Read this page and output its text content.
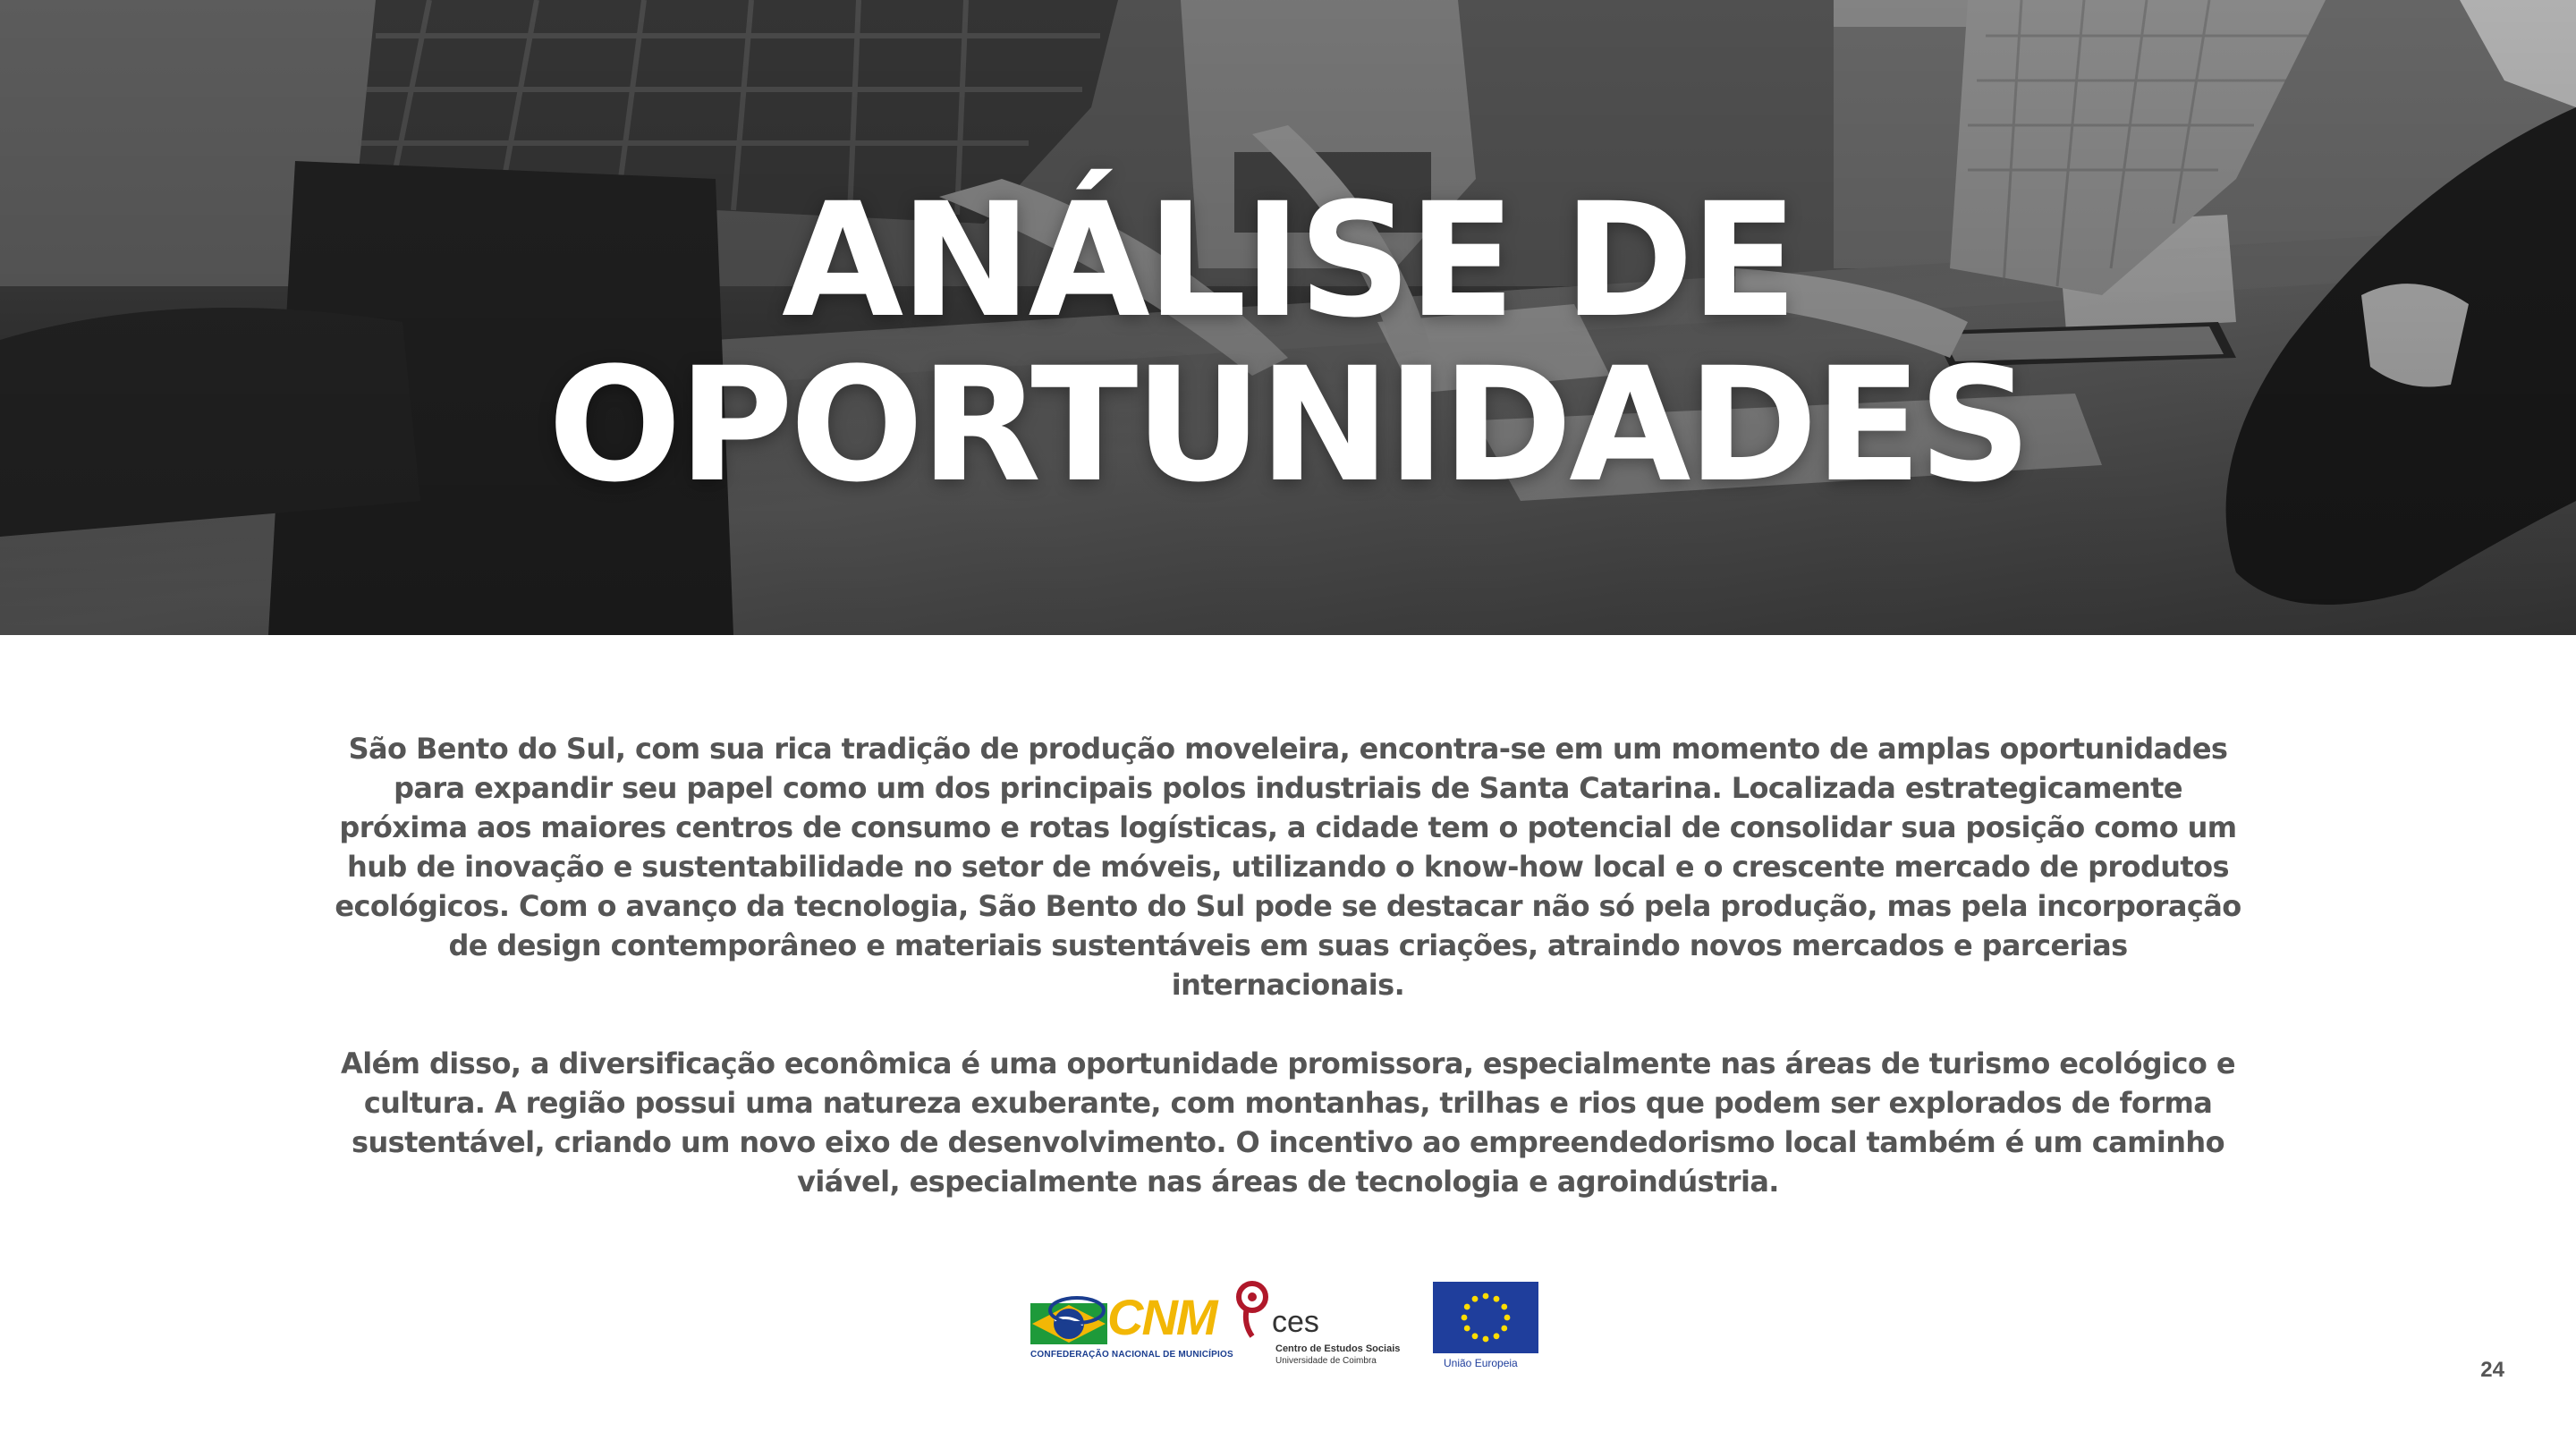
ANÁLISE DE
OPORTUNIDADES

São Bento do Sul, com sua rica tradição de produção moveleira, encontra-se em um momento de amplas oportunidades para expandir seu papel como um dos principais polos industriais de Santa Catarina. Localizada estrategicamente próxima aos maiores centros de consumo e rotas logísticas, a cidade tem o potencial de consolidar sua posição como um hub de inovação e sustentabilidade no setor de móveis, utilizando o know-how local e o crescente mercado de produtos ecológicos. Com o avanço da tecnologia, São Bento do Sul pode se destacar não só pela produção, mas pela incorporação de design contemporâneo e materiais sustentáveis em suas criações, atraindo novos mercados e parcerias internacionais.

Além disso, a diversificação econômica é uma oportunidade promissora, especialmente nas áreas de turismo ecológico e cultura. A região possui uma natureza exuberante, com montanhas, trilhas e rios que podem ser explorados de forma sustentável, criando um novo eixo de desenvolvimento. O incentivo ao empreendedorismo local também é um caminho viável, especialmente nas áreas de tecnologia e agroindústria.

CNM
CONFEDERAÇÃO NACIONAL DE MUNICÍPIOS
ces
Centro de Estudos Sociais
Universidade de Coimbra	União Europeia	24
